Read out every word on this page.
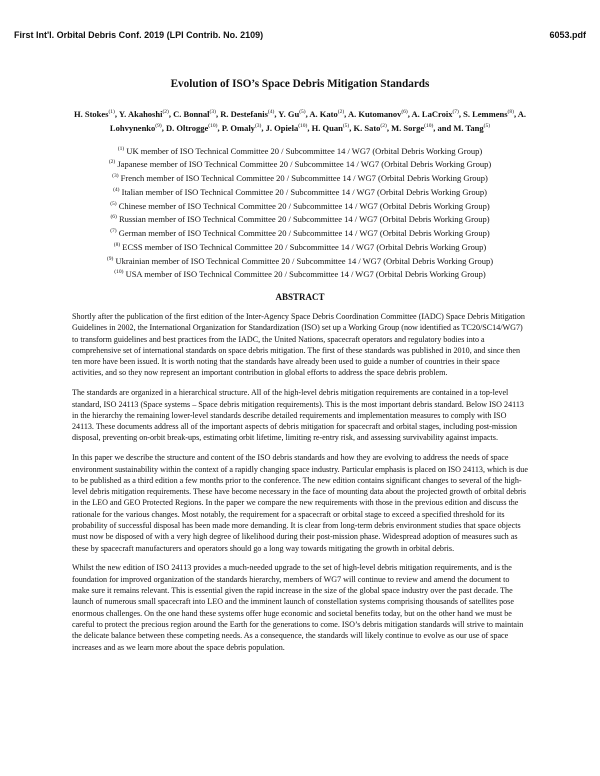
First Int'l. Orbital Debris Conf. 2019 (LPI Contrib. No. 2109)	6053.pdf
Evolution of ISO’s Space Debris Mitigation Standards
H. Stokes$^{(1)}$, Y. Akahoshi$^{(2)}$, C. Bonnal$^{(3)}$, R. Destefanis$^{(4)}$, Y. Gu$^{(5)}$, A. Kato$^{(2)}$, A. Kutomanov$^{(6)}$, A. LaCroix$^{(7)}$, S. Lemmens$^{(8)}$, A. Lohvynenko$^{(9)}$, D. Oltrogge$^{(10)}$, P. Omaly$^{(3)}$, J. Opiela$^{(10)}$, H. Quan$^{(5)}$, K. Sato$^{(2)}$, M. Sorge$^{(10)}$, and M. Tang$^{(5)}$
$^{(1)}$ UK member of ISO Technical Committee 20 / Subcommittee 14 / WG7 (Orbital Debris Working Group)
$^{(2)}$ Japanese member of ISO Technical Committee 20 / Subcommittee 14 / WG7 (Orbital Debris Working Group)
$^{(3)}$ French member of ISO Technical Committee 20 / Subcommittee 14 / WG7 (Orbital Debris Working Group)
$^{(4)}$ Italian member of ISO Technical Committee 20 / Subcommittee 14 / WG7 (Orbital Debris Working Group)
$^{(5)}$ Chinese member of ISO Technical Committee 20 / Subcommittee 14 / WG7 (Orbital Debris Working Group)
$^{(6)}$ Russian member of ISO Technical Committee 20 / Subcommittee 14 / WG7 (Orbital Debris Working Group)
$^{(7)}$ German member of ISO Technical Committee 20 / Subcommittee 14 / WG7 (Orbital Debris Working Group)
$^{(8)}$ ECSS member of ISO Technical Committee 20 / Subcommittee 14 / WG7 (Orbital Debris Working Group)
$^{(9)}$ Ukrainian member of ISO Technical Committee 20 / Subcommittee 14 / WG7 (Orbital Debris Working Group)
$^{(10)}$ USA member of ISO Technical Committee 20 / Subcommittee 14 / WG7 (Orbital Debris Working Group)
ABSTRACT

Shortly after the publication of the first edition of the Inter-Agency Space Debris Coordination Committee (IADC) Space Debris Mitigation Guidelines in 2002, the International Organization for Standardization (ISO) set up a Working Group (now identified as TC20/SC14/WG7) to transform guidelines and best practices from the IADC, the United Nations, spacecraft operators and regulatory bodies into a comprehensive set of international standards on space debris mitigation. The first of these standards was published in 2010, and since then ten more have been issued. It is worth noting that the standards have already been used to guide a number of countries in their space activities, and so they now represent an important contribution in global efforts to address the space debris problem.

The standards are organized in a hierarchical structure. All of the high-level debris mitigation requirements are contained in a top-level standard, ISO 24113 (Space systems – Space debris mitigation requirements). This is the most important debris standard. Below ISO 24113 in the hierarchy the remaining lower-level standards describe detailed requirements and implementation measures to comply with ISO 24113. These documents address all of the important aspects of debris mitigation for spacecraft and orbital stages, including post-mission disposal, preventing on-orbit break-ups, estimating orbit lifetime, limiting re-entry risk, and assessing survivability against impacts.

In this paper we describe the structure and content of the ISO debris standards and how they are evolving to address the needs of space environment sustainability within the context of a rapidly changing space industry. Particular emphasis is placed on ISO 24113, which is due to be published as a third edition a few months prior to the conference. The new edition contains significant changes to several of the high-level debris mitigation requirements. These have become necessary in the face of mounting data about the projected growth of orbital debris in the LEO and GEO Protected Regions. In the paper we compare the new requirements with those in the previous edition and discuss the rationale for the various changes. Most notably, the requirement for a spacecraft or orbital stage to exceed a specified threshold for its probability of successful disposal has been made more demanding. It is clear from long-term debris environment studies that space objects must now be disposed of with a very high degree of likelihood during their post-mission phase. Widespread adoption of measures such as these by spacecraft manufacturers and operators should go a long way towards mitigating the growth in orbital debris.

Whilst the new edition of ISO 24113 provides a much-needed upgrade to the set of high-level debris mitigation requirements, and is the foundation for improved organization of the standards hierarchy, members of WG7 will continue to review and amend the document to make sure it remains relevant. This is essential given the rapid increase in the size of the global space industry over the past decade. The launch of numerous small spacecraft into LEO and the imminent launch of constellation systems comprising thousands of satellites pose enormous challenges. On the one hand these systems offer huge economic and societal benefits today, but on the other hand we must be careful to protect the precious region around the Earth for the generations to come. ISO’s debris mitigation standards will strive to maintain the delicate balance between these competing needs. As a consequence, the standards will likely continue to evolve as our use of space increases and as we learn more about the space debris population.
